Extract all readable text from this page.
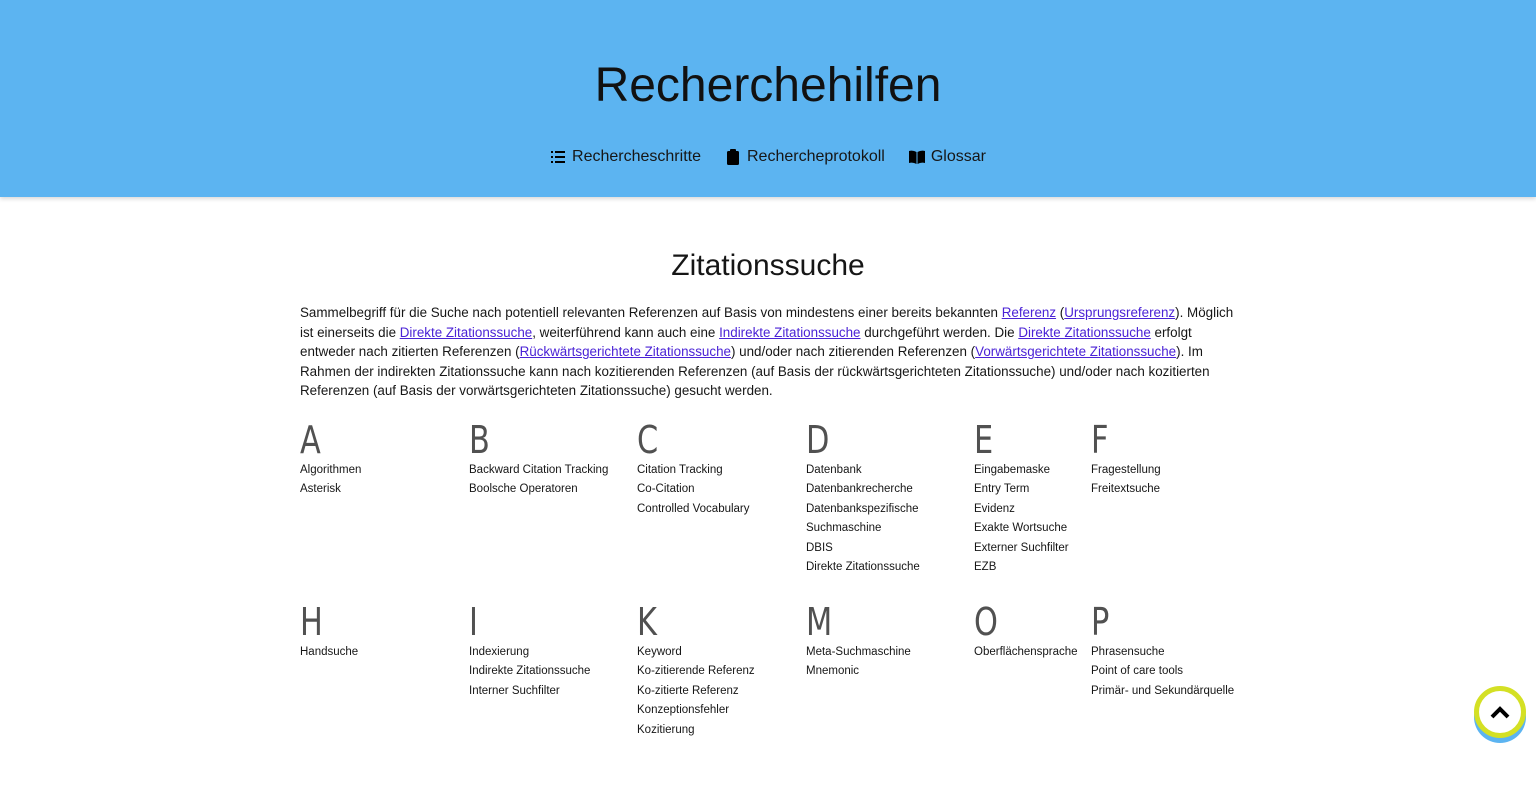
Recherchehilfen
Rechercheschritte	Rechercheprotokoll	Glossar
Zitationssuche

Sammelbegriff für die Suche nach potentiell relevanten Referenzen auf Basis von mindestens einer bereits bekannten Referenz (Ursprungsreferenz). Möglich ist einerseits die Direkte Zitationssuche, weiterführend kann auch eine Indirekte Zitationssuche durchgeführt werden. Die Direkte Zitationssuche erfolgt entweder nach zitierten Referenzen (Rückwärtsgerichtete Zitationssuche) und/oder nach zitierenden Referenzen (Vorwärtsgerichtete Zitationssuche). Im Rahmen der indirekten Zitationssuche kann nach kozitierenden Referenzen (auf Basis der rückwärtsgerichteten Zitationssuche) und/oder nach kozitierten Referenzen (auf Basis der vorwärtsgerichteten Zitationssuche) gesucht werden.

A
Algorithmen
Asterisk
B
Backward Citation Tracking
Boolsche Operatoren
C
Citation Tracking
Co-Citation
Controlled Vocabulary
D
Datenbank
Datenbankrecherche
Datenbankspezifische
Suchmaschine
DBIS
Direkte Zitationssuche
E
Eingabemaske
Entry Term
Evidenz
Exakte Wortsuche
Externer Suchfilter
EZB
F
Fragestellung
Freitextsuche
H
Handsuche
I
Indexierung
Indirekte Zitationssuche
Interner Suchfilter
K
Keyword
Ko-zitierende Referenz
Ko-zitierte Referenz
Konzeptionsfehler
Kozitierung
M
Meta-Suchmaschine
Mnemonic
O
Oberflächensprache
P
Phrasensuche
Point of care tools
Primär- und Sekundärquelle
